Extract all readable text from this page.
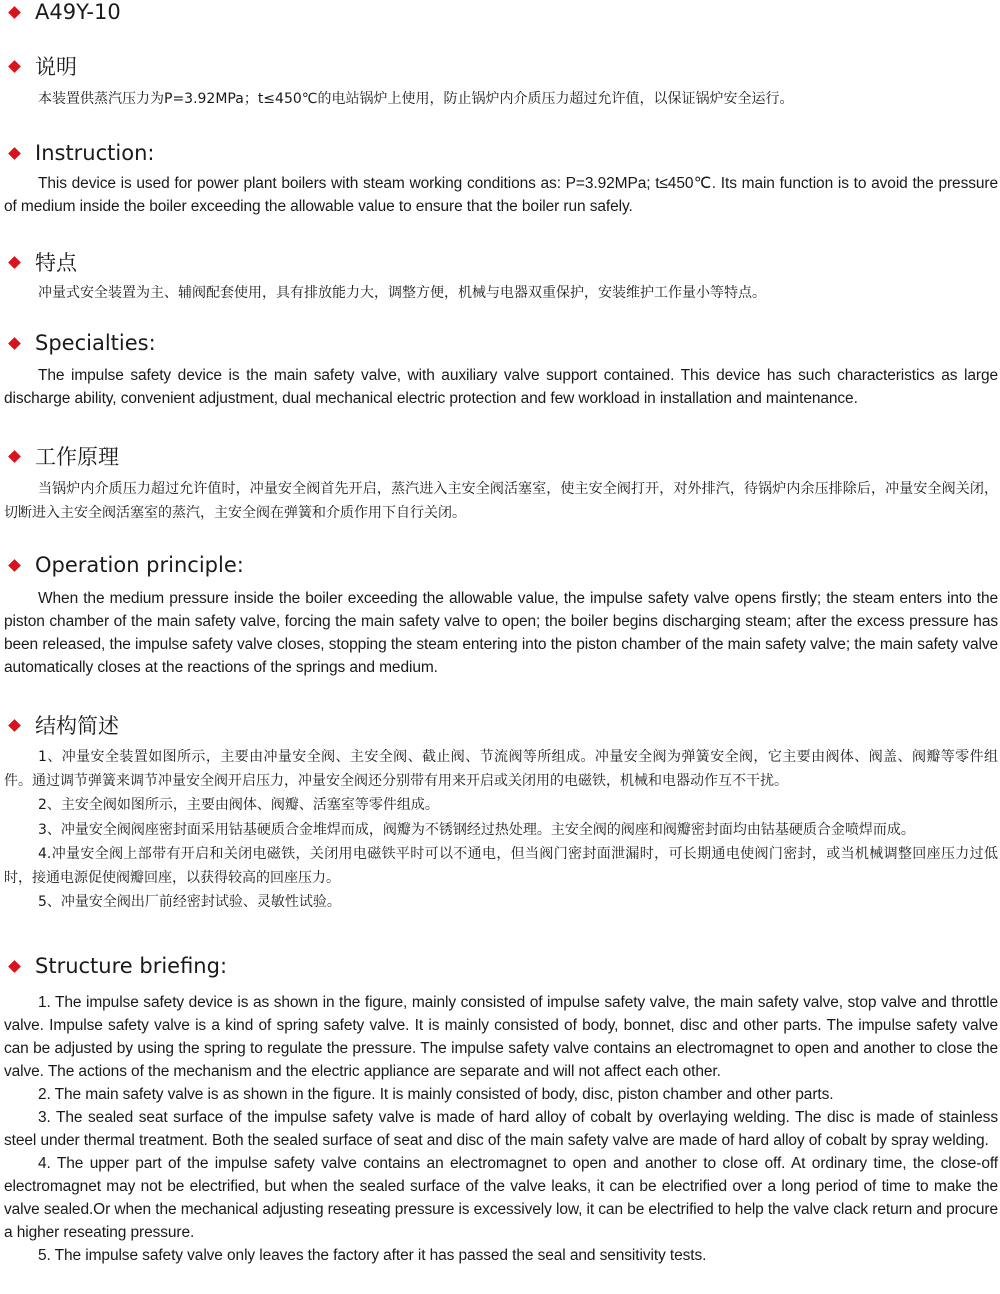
A49Y-10
说明

本装置供蒸汽压力为P=3.92MPa；t≤450℃的电站锅炉上使用，防止锅炉内介质压力超过允许值，以保证锅炉安全运行。

Instruction:

This device is used for power plant boilers with steam working conditions as: P=3.92MPa; t≤450℃. Its main function is to avoid the pressure of medium inside the boiler exceeding the allowable value to ensure that the boiler run safely.

特点

冲量式安全装置为主、辅阀配套使用，具有排放能力大，调整方便，机械与电器双重保护，安装维护工作量小等特点。

Specialties:

The impulse safety device is the main safety valve, with auxiliary valve support contained. This device has such characteristics as large discharge ability, convenient adjustment, dual mechanical electric protection and few workload in installation and maintenance.

工作原理

当锅炉内介质压力超过允许值时，冲量安全阀首先开启，蒸汽进入主安全阀活塞室，使主安全阀打开，对外排汽，待锅炉内余压排除后，冲量安全阀关闭，切断进入主安全阀活塞室的蒸汽，主安全阀在弹簧和介质作用下自行关闭。

Operation principle:

When the medium pressure inside the boiler exceeding the allowable value, the impulse safety valve opens firstly; the steam enters into the piston chamber of the main safety valve, forcing the main safety valve to open; the boiler begins discharging steam; after the excess pressure has been released, the impulse safety valve closes, stopping the steam entering into the piston chamber of the main safety valve; the main safety valve automatically closes at the reactions of the springs and medium.

结构简述
1、冲量安全装置如图所示，主要由冲量安全阀、主安全阀、截止阀、节流阀等所组成。冲量安全阀为弹簧安全阀，它主要由阀体、阀盖、阀瓣等零件组件。通过调节弹簧来调节冲量安全阀开启压力，冲量安全阀还分别带有用来开启或关闭用的电磁铁，机械和电器动作互不干扰。
2、主安全阀如图所示，主要由阀体、阀瓣、活塞室等零件组成。
3、冲量安全阀阀座密封面采用钴基硬质合金堆焊而成，阀瓣为不锈钢经过热处理。主安全阀的阀座和阀瓣密封面均由钴基硬质合金喷焊而成。
4.冲量安全阀上部带有开启和关闭电磁铁，关闭用电磁铁平时可以不通电，但当阀门密封面泄漏时，可长期通电使阀门密封，或当机械调整回座压力过低时，接通电源促使阀瓣回座，以获得较高的回座压力。
5、冲量安全阀出厂前经密封试验、灵敏性试验。
Structure briefing:
1. The impulse safety device is as shown in the figure, mainly consisted of impulse safety valve, the main safety valve, stop valve and throttle valve. Impulse safety valve is a kind of spring safety valve. It is mainly consisted of body, bonnet, disc and other parts. The impulse safety valve can be adjusted by using the spring to regulate the pressure. The impulse safety valve contains an electromagnet to open and another to close the valve. The actions of the mechanism and the electric appliance are separate and will not affect each other.
2. The main safety valve is as shown in the figure. It is mainly consisted of body, disc, piston chamber and other parts.
3. The sealed seat surface of the impulse safety valve is made of hard alloy of cobalt by overlaying welding. The disc is made of stainless steel under thermal treatment. Both the sealed surface of seat and disc of the main safety valve are made of hard alloy of cobalt by spray welding.
4. The upper part of the impulse safety valve contains an electromagnet to open and another to close off. At ordinary time, the close-off electromagnet may not be electrified, but when the sealed surface of the valve leaks, it can be electrified over a long period of time to make the valve sealed.Or when the mechanical adjusting reseating pressure is excessively low, it can be electrified to help the valve clack return and procure a higher reseating pressure.
5. The impulse safety valve only leaves the factory after it has passed the seal and sensitivity tests.
